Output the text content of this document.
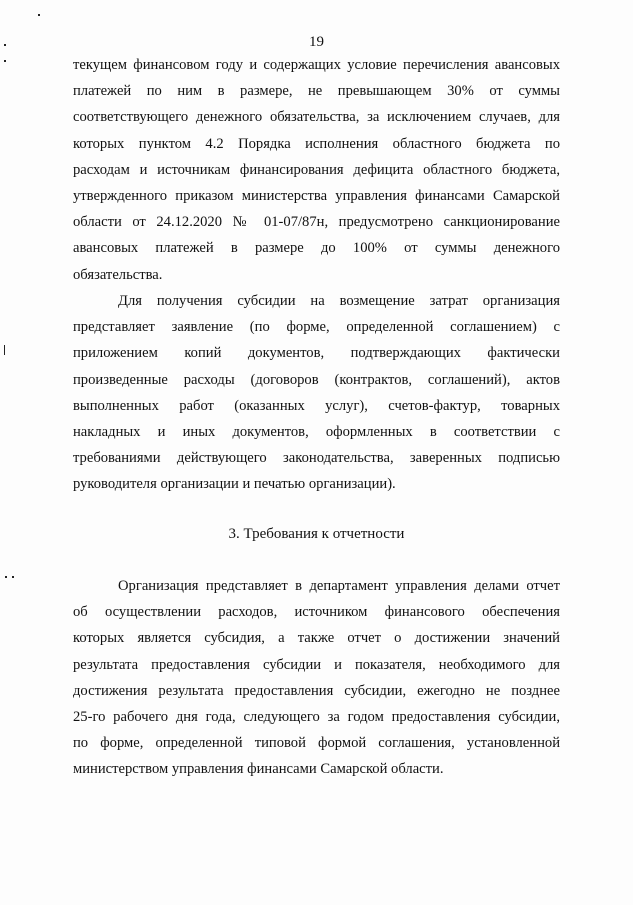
19
текущем финансовом году и содержащих условие перечисления авансовых
платежей по ним в размере, не превышающем 30% от суммы
соответствующего денежного обязательства, за исключением случаев, для
которых пунктом 4.2 Порядка исполнения областного бюджета по
расходам и источникам финансирования дефицита областного бюджета,
утвержденного приказом министерства управления финансами Самарской
области от 24.12.2020 № 01-07/87н, предусмотрено санкционирование
авансовых платежей в размере до 100% от суммы денежного
обязательства.
Для получения субсидии на возмещение затрат организация
представляет заявление (по форме, определенной соглашением) с
приложением копий документов, подтверждающих фактически
произведенные расходы (договоров (контрактов, соглашений), актов
выполненных работ (оказанных услуг), счетов-фактур, товарных
накладных и иных документов, оформленных в соответствии с
требованиями действующего законодательства, заверенных подписью
руководителя организации и печатью организации).
3. Требования к отчетности
Организация представляет в департамент управления делами отчет
об осуществлении расходов, источником финансового обеспечения
которых является субсидия, а также отчет о достижении значений
результата предоставления субсидии и показателя, необходимого для
достижения результата предоставления субсидии, ежегодно не позднее
25-го рабочего дня года, следующего за годом предоставления субсидии,
по форме, определенной типовой формой соглашения, установленной
министерством управления финансами Самарской области.
